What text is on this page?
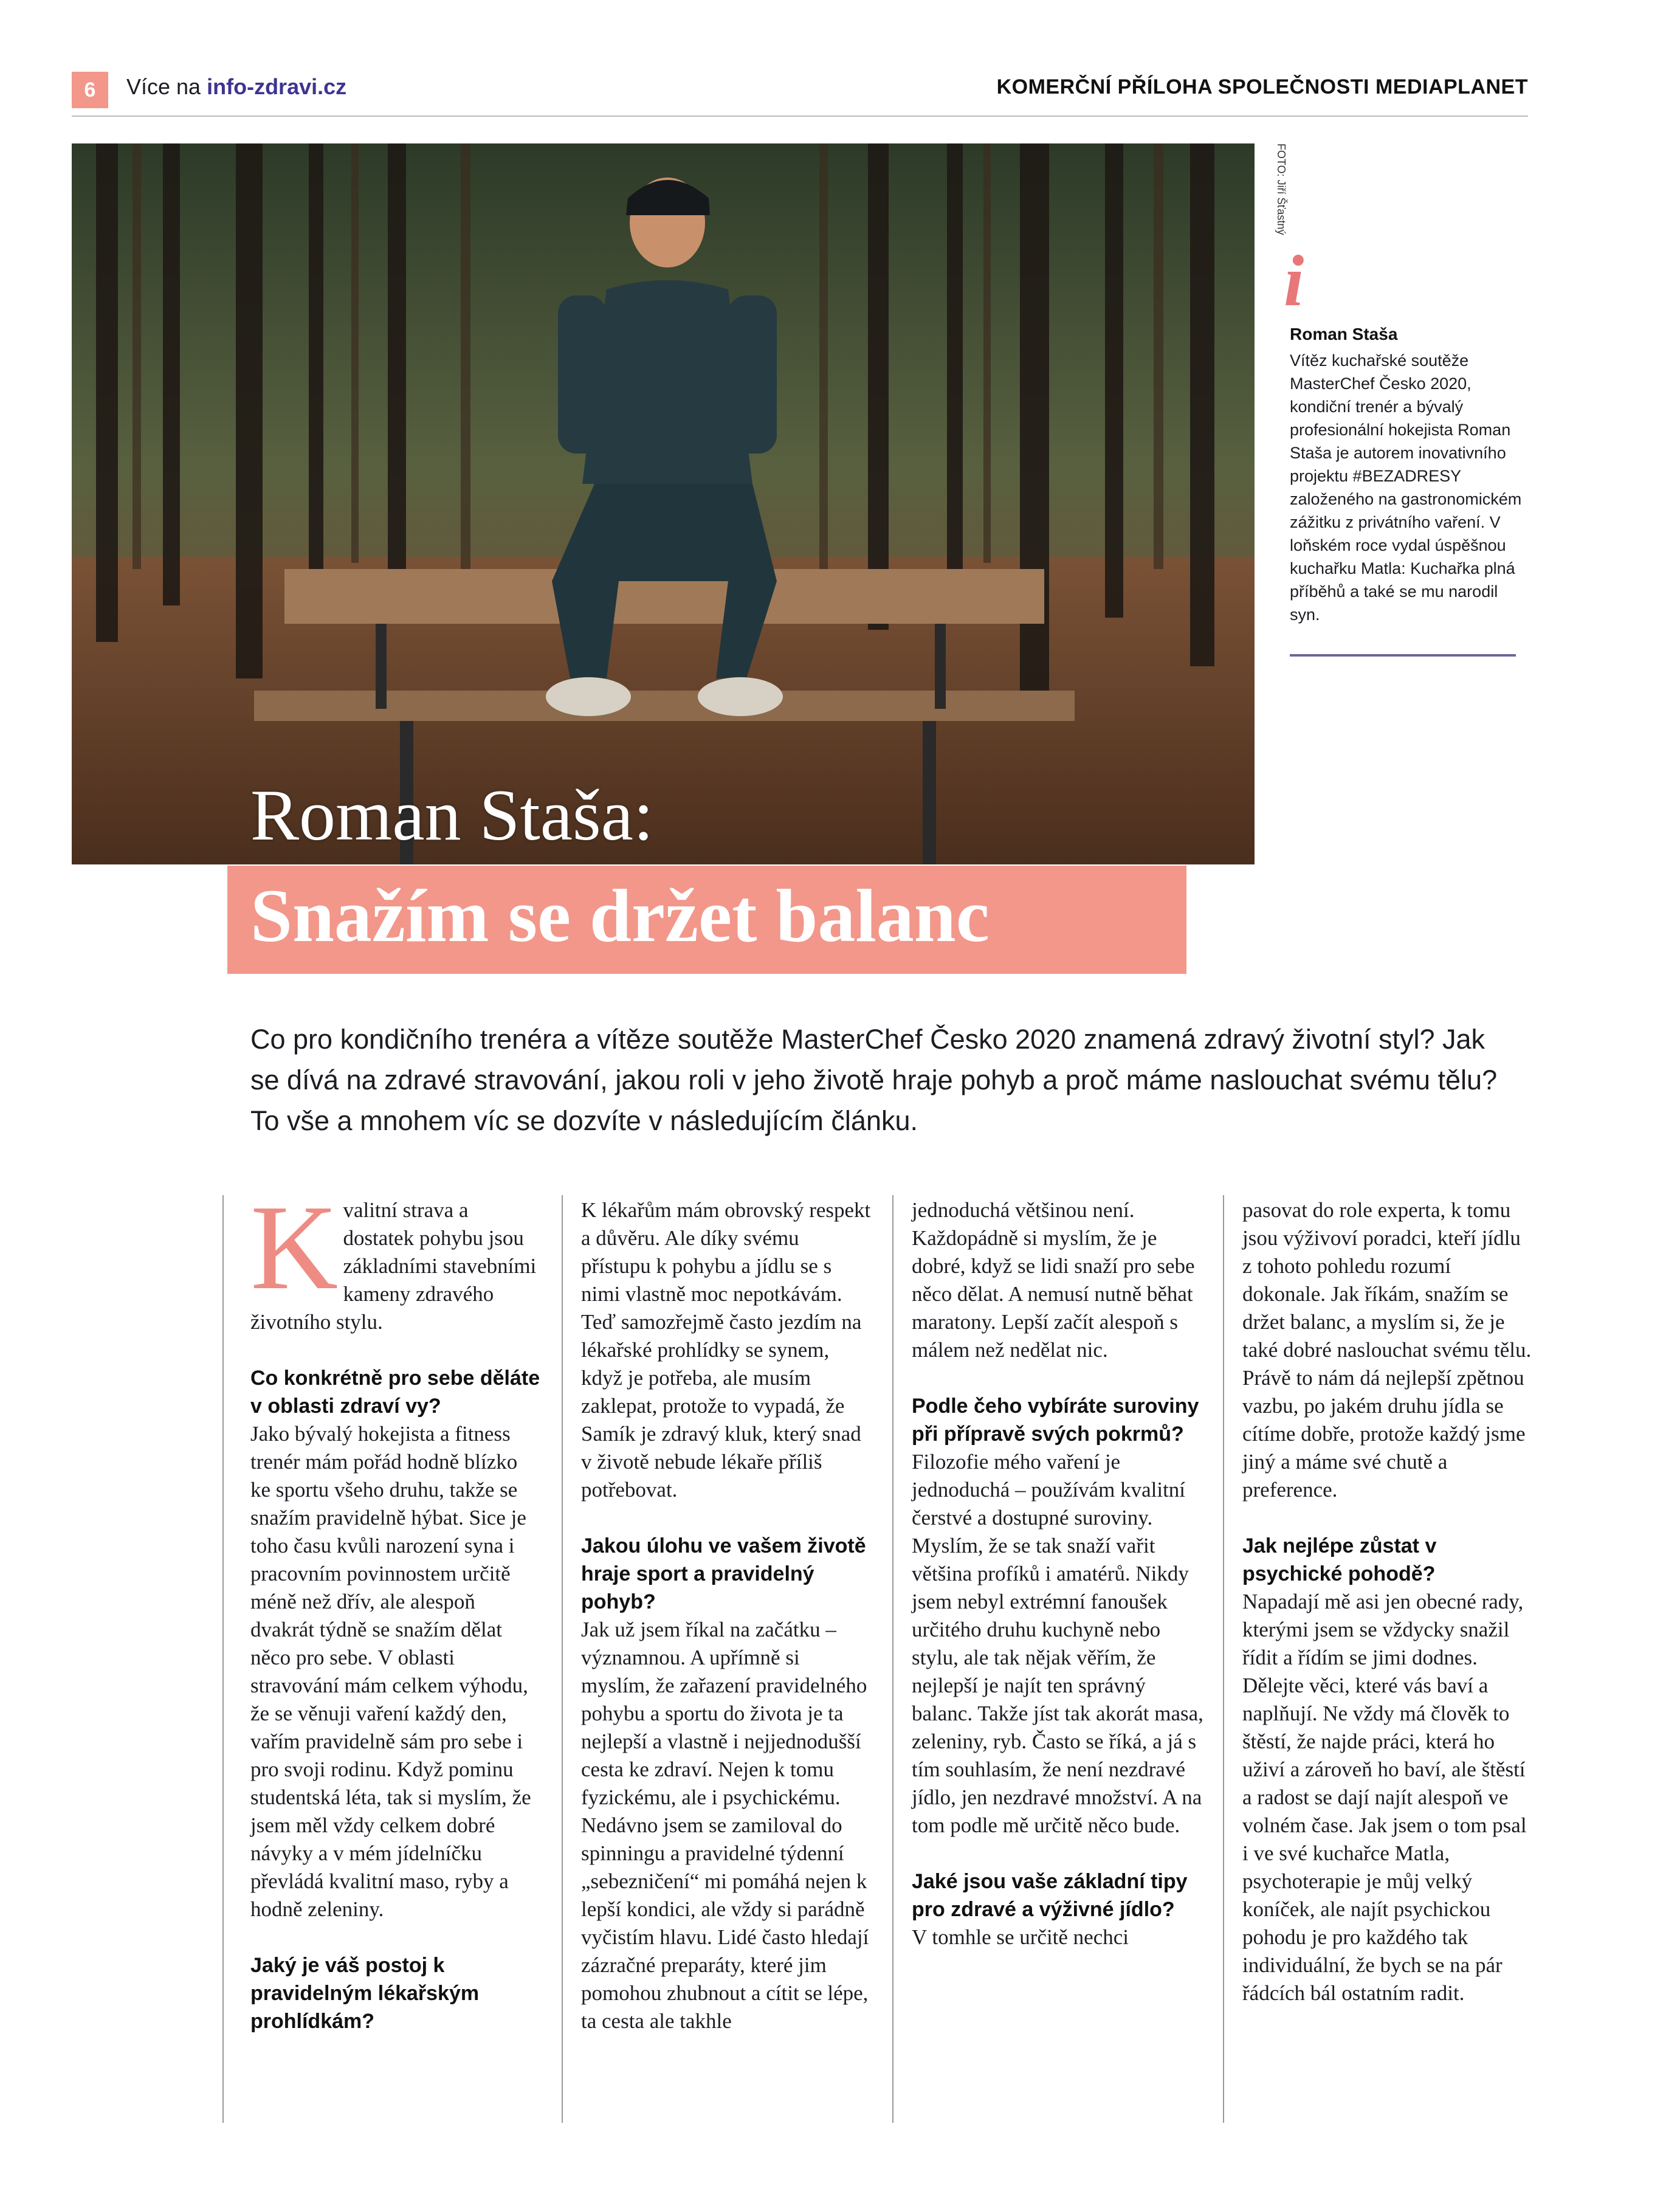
6	Více na info-zdravi.cz	KOMERČNÍ PŘÍLOHA SPOLEČNOSTI MEDIAPLANET
FOTO: Jiří Šťastný
i
Roman Staša
Vítěz kuchařské soutěže MasterChef Česko 2020, kondiční trenér a bývalý profesionální hokejista Roman Staša je autorem inovativního projektu #BEZADRESY založeného na gastronomickém zážitku z privátního vaření. V loňském roce vydal úspěšnou kuchařku Matla: Kuchařka plná příběhů a také se mu narodil syn.
Roman Staša:
Snažím se držet balanc
Co pro kondičního trenéra a vítěze soutěže MasterChef Česko 2020 znamená zdravý životní styl? Jak se dívá na zdravé stravování, jakou roli v jeho životě hraje pohyb a proč máme naslouchat svému tělu? To vše a mnohem víc se dozvíte v následujícím článku.

Kvalitní strava a dostatek pohybu jsou základními stavebními kameny zdravého životního stylu.

Co konkrétně pro sebe děláte v oblasti zdraví vy?
Jako bývalý hokejista a fitness trenér mám pořád hodně blízko ke sportu všeho druhu, takže se snažím pravidelně hýbat. Sice je toho času kvůli narození syna i pracovním povinnostem určitě méně než dřív, ale alespoň dvakrát týdně se snažím dělat něco pro sebe. V oblasti stravování mám celkem výhodu, že se věnuji vaření každý den, vařím pravidelně sám pro sebe i pro svoji rodinu. Když pominu studentská léta, tak si myslím, že jsem měl vždy celkem dobré návyky a v mém jídelníčku převládá kvalitní maso, ryby a hodně zeleniny.

Jaký je váš postoj k pravidelným lékařským prohlídkám?

K lékařům mám obrovský respekt a důvěru. Ale díky svému přístupu k pohybu a jídlu se s nimi vlastně moc nepotkávám. Teď samozřejmě často jezdím na lékařské prohlídky se synem, když je potřeba, ale musím zaklepat, protože to vypadá, že Samík je zdravý kluk, který snad v životě nebude lékaře příliš potřebovat.

Jakou úlohu ve vašem životě hraje sport a pravidelný pohyb?
Jak už jsem říkal na začátku – významnou. A upřímně si myslím, že zařazení pravidelného pohybu a sportu do života je ta nejlepší a vlastně i nejjednodušší cesta ke zdraví. Nejen k tomu fyzickému, ale i psychickému. Nedávno jsem se zamiloval do spinningu a pravidelné týdenní „sebezničení“ mi pomáhá nejen k lepší kondici, ale vždy si parádně vyčistím hlavu. Lidé často hledají zázračné preparáty, které jim pomohou zhubnout a cítit se lépe, ta cesta ale takhle

jednoduchá většinou není. Každopádně si myslím, že je dobré, když se lidi snaží pro sebe něco dělat. A nemusí nutně běhat maratony. Lepší začít alespoň s málem než nedělat nic.

Podle čeho vybíráte suroviny při přípravě svých pokrmů?
Filozofie mého vaření je jednoduchá – používám kvalitní čerstvé a dostupné suroviny. Myslím, že se tak snaží vařit většina profíků i amatérů. Nikdy jsem nebyl extrémní fanoušek určitého druhu kuchyně nebo stylu, ale tak nějak věřím, že nejlepší je najít ten správný balanc. Takže jíst tak akorát masa, zeleniny, ryb. Často se říká, a já s tím souhlasím, že není nezdravé jídlo, jen nezdravé množství. A na tom podle mě určitě něco bude.

Jaké jsou vaše základní tipy pro zdravé a výživné jídlo?
V tomhle se určitě nechci

pasovat do role experta, k tomu jsou výživoví poradci, kteří jídlu z tohoto pohledu rozumí dokonale. Jak říkám, snažím se držet balanc, a myslím si, že je také dobré naslouchat svému tělu. Právě to nám dá nejlepší zpětnou vazbu, po jakém druhu jídla se cítíme dobře, protože každý jsme jiný a máme své chutě a preference.

Jak nejlépe zůstat v psychické pohodě?
Napadají mě asi jen obecné rady, kterými jsem se vždycky snažil řídit a řídím se jimi dodnes. Dělejte věci, které vás baví a naplňují. Ne vždy má člověk to štěstí, že najde práci, která ho uživí a zároveň ho baví, ale štěstí a radost se dají najít alespoň ve volném čase. Jak jsem o tom psal i ve své kuchařce Matla, psychoterapie je můj velký koníček, ale najít psychickou pohodu je pro každého tak individuální, že bych se na pár řádcích bál ostatním radit.
